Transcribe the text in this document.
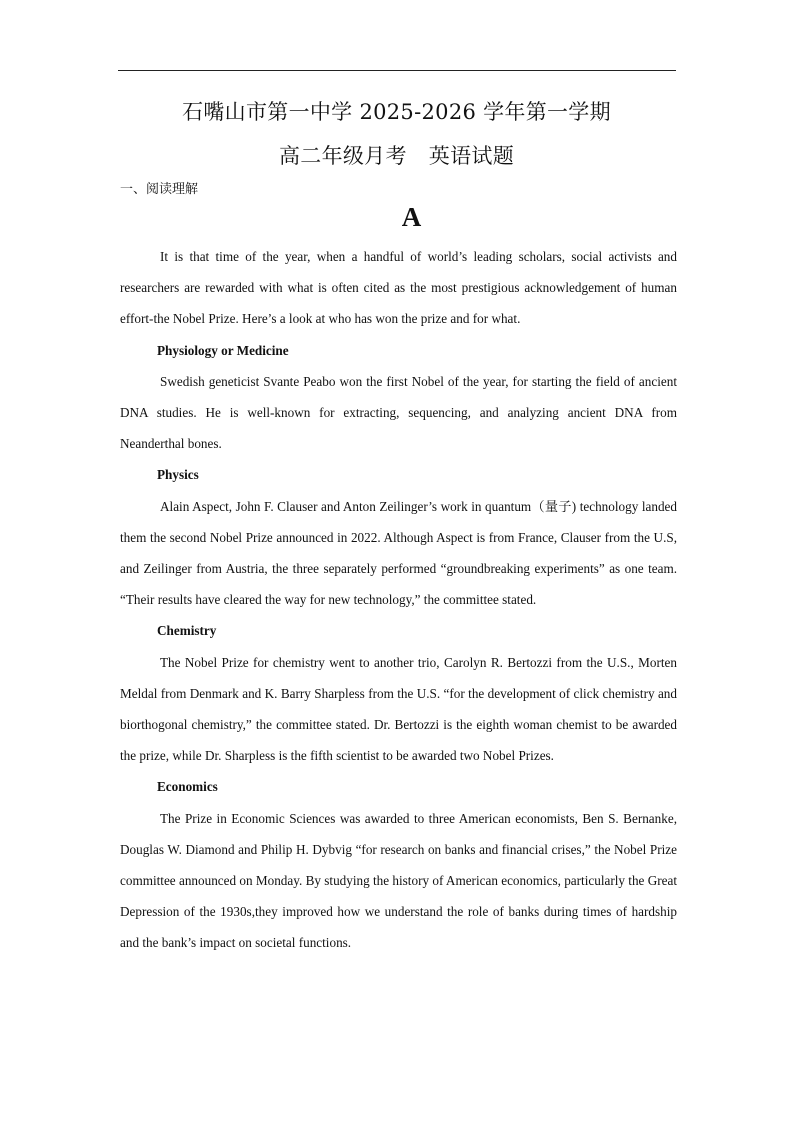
石嘴山市第一中学 2025-2026 学年第一学期
高二年级月考 英语试题
一、阅读理解
A

It is that time of the year, when a handful of world’s leading scholars, social activists and researchers are rewarded with what is often cited as the most prestigious acknowledgement of human effort-the Nobel Prize. Here’s a look at who has won the prize and for what.

Physiology or Medicine

Swedish geneticist Svante Peabo won the first Nobel of the year, for starting the field of ancient DNA studies. He is well-known for extracting, sequencing, and analyzing ancient DNA from Neanderthal bones.

Physics

Alain Aspect, John F. Clauser and Anton Zeilinger’s work in quantum（量子) technology landed them the second Nobel Prize announced in 2022. Although Aspect is from France, Clauser from the U.S, and Zeilinger from Austria, the three separately performed “groundbreaking experiments” as one team. “Their results have cleared the way for new technology,” the committee stated.

Chemistry

The Nobel Prize for chemistry went to another trio, Carolyn R. Bertozzi from the U.S., Morten Meldal from Denmark and K. Barry Sharpless from the U.S. “for the development of click chemistry and biorthogonal chemistry,” the committee stated. Dr. Bertozzi is the eighth woman chemist to be awarded the prize, while Dr. Sharpless is the fifth scientist to be awarded two Nobel Prizes.

Economics

The Prize in Economic Sciences was awarded to three American economists, Ben S. Bernanke, Douglas W. Diamond and Philip H. Dybvig “for research on banks and financial crises,” the Nobel Prize committee announced on Monday. By studying the history of American economics, particularly the Great Depression of the 1930s,they improved how we understand the role of banks during times of hardship and the bank’s impact on societal functions.
